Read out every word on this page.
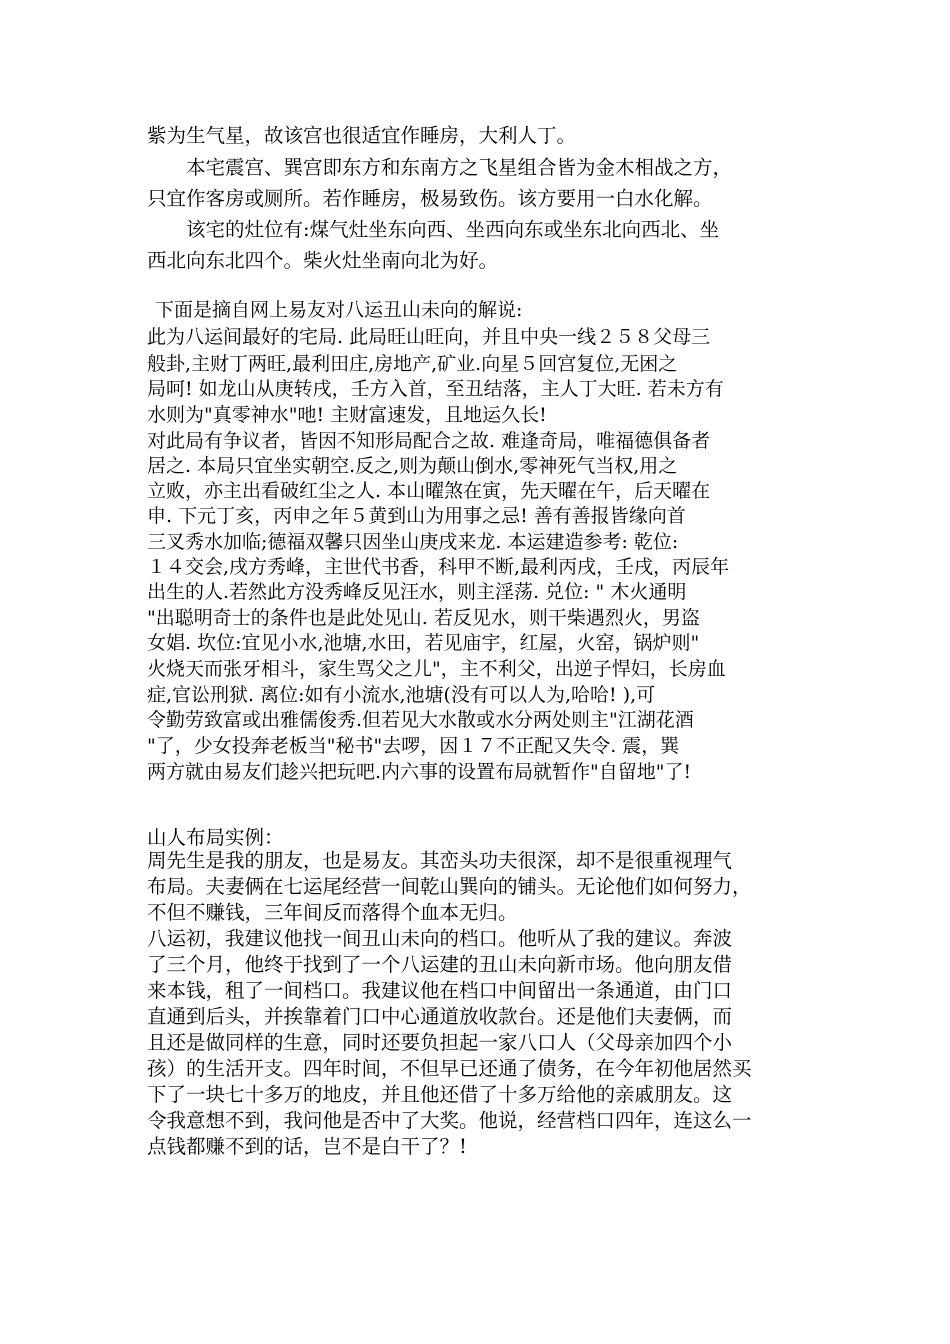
紫为生气星，故该宫也很适宜作睡房，大利人丁。
本宅震宫、巽宫即东方和东南方之飞星组合皆为金木相战之方，
只宜作客房或厕所。若作睡房，极易致伤。该方要用一白水化解。
该宅的灶位有:煤气灶坐东向西、坐西向东或坐东北向西北、坐
西北向东北四个。柴火灶坐南向北为好。
下面是摘自网上易友对八运丑山未向的解说:
此为八运间最好的宅局. 此局旺山旺向，并且中央一线２５８父母三
般卦,主财丁两旺,最利田庄,房地产,矿业.向星５回宫复位,无困之
局呵! 如龙山从庚转戌，壬方入首，至丑结落，主人丁大旺. 若未方有
水则为"真零神水"吔! 主财富速发，且地运久长!
对此局有争议者，皆因不知形局配合之故. 难逢奇局，唯福德俱备者
居之. 本局只宜坐实朝空.反之,则为颠山倒水,零神死气当权,用之
立败，亦主出看破红尘之人. 本山曜煞在寅，先天曜在午，后天曜在
申. 下元丁亥，丙申之年５黄到山为用事之忌! 善有善报皆缘向首
三叉秀水加临;德福双馨只因坐山庚戌来龙. 本运建造参考: 乾位:
１４交会,戌方秀峰，主世代书香，科甲不断,最利丙戌，壬戌，丙辰年
出生的人.若然此方没秀峰反见汪水，则主淫荡. 兑位: " 木火通明
"出聪明奇士的条件也是此处见山. 若反见水，则干柴遇烈火，男盗
女娼. 坎位:宜见小水,池塘,水田，若见庙宇，红屋，火窑，锅炉则"
火烧天而张牙相斗，家生骂父之儿"，主不利父，出逆子悍妇，长房血
症,官讼刑狱. 离位:如有小流水,池塘(没有可以人为,哈哈! ),可
令勤劳致富或出雅儒俊秀.但若见大水散或水分两处则主"江湖花酒
"了，少女投奔老板当"秘书"去啰，因１７不正配又失令. 震，巽
两方就由易友们趁兴把玩吧.内六事的设置布局就暂作"自留地"了!
山人布局实例：
周先生是我的朋友，也是易友。其峦头功夫很深，却不是很重视理气
布局。夫妻俩在七运尾经营一间乾山巽向的铺头。无论他们如何努力，
不但不赚钱，三年间反而落得个血本无归。
八运初，我建议他找一间丑山未向的档口。他听从了我的建议。奔波
了三个月，他终于找到了一个八运建的丑山未向新市场。他向朋友借
来本钱，租了一间档口。我建议他在档口中间留出一条通道，由门口
直通到后头，并挨靠着门口中心通道放收款台。还是他们夫妻俩，而
且还是做同样的生意，同时还要负担起一家八口人（父母亲加四个小
孩）的生活开支。四年时间，不但早已还通了债务，在今年初他居然买
下了一块七十多万的地皮，并且他还借了十多万给他的亲戚朋友。这
令我意想不到，我问他是否中了大奖。他说，经营档口四年，连这么一
点钱都赚不到的话，岂不是白干了？!
